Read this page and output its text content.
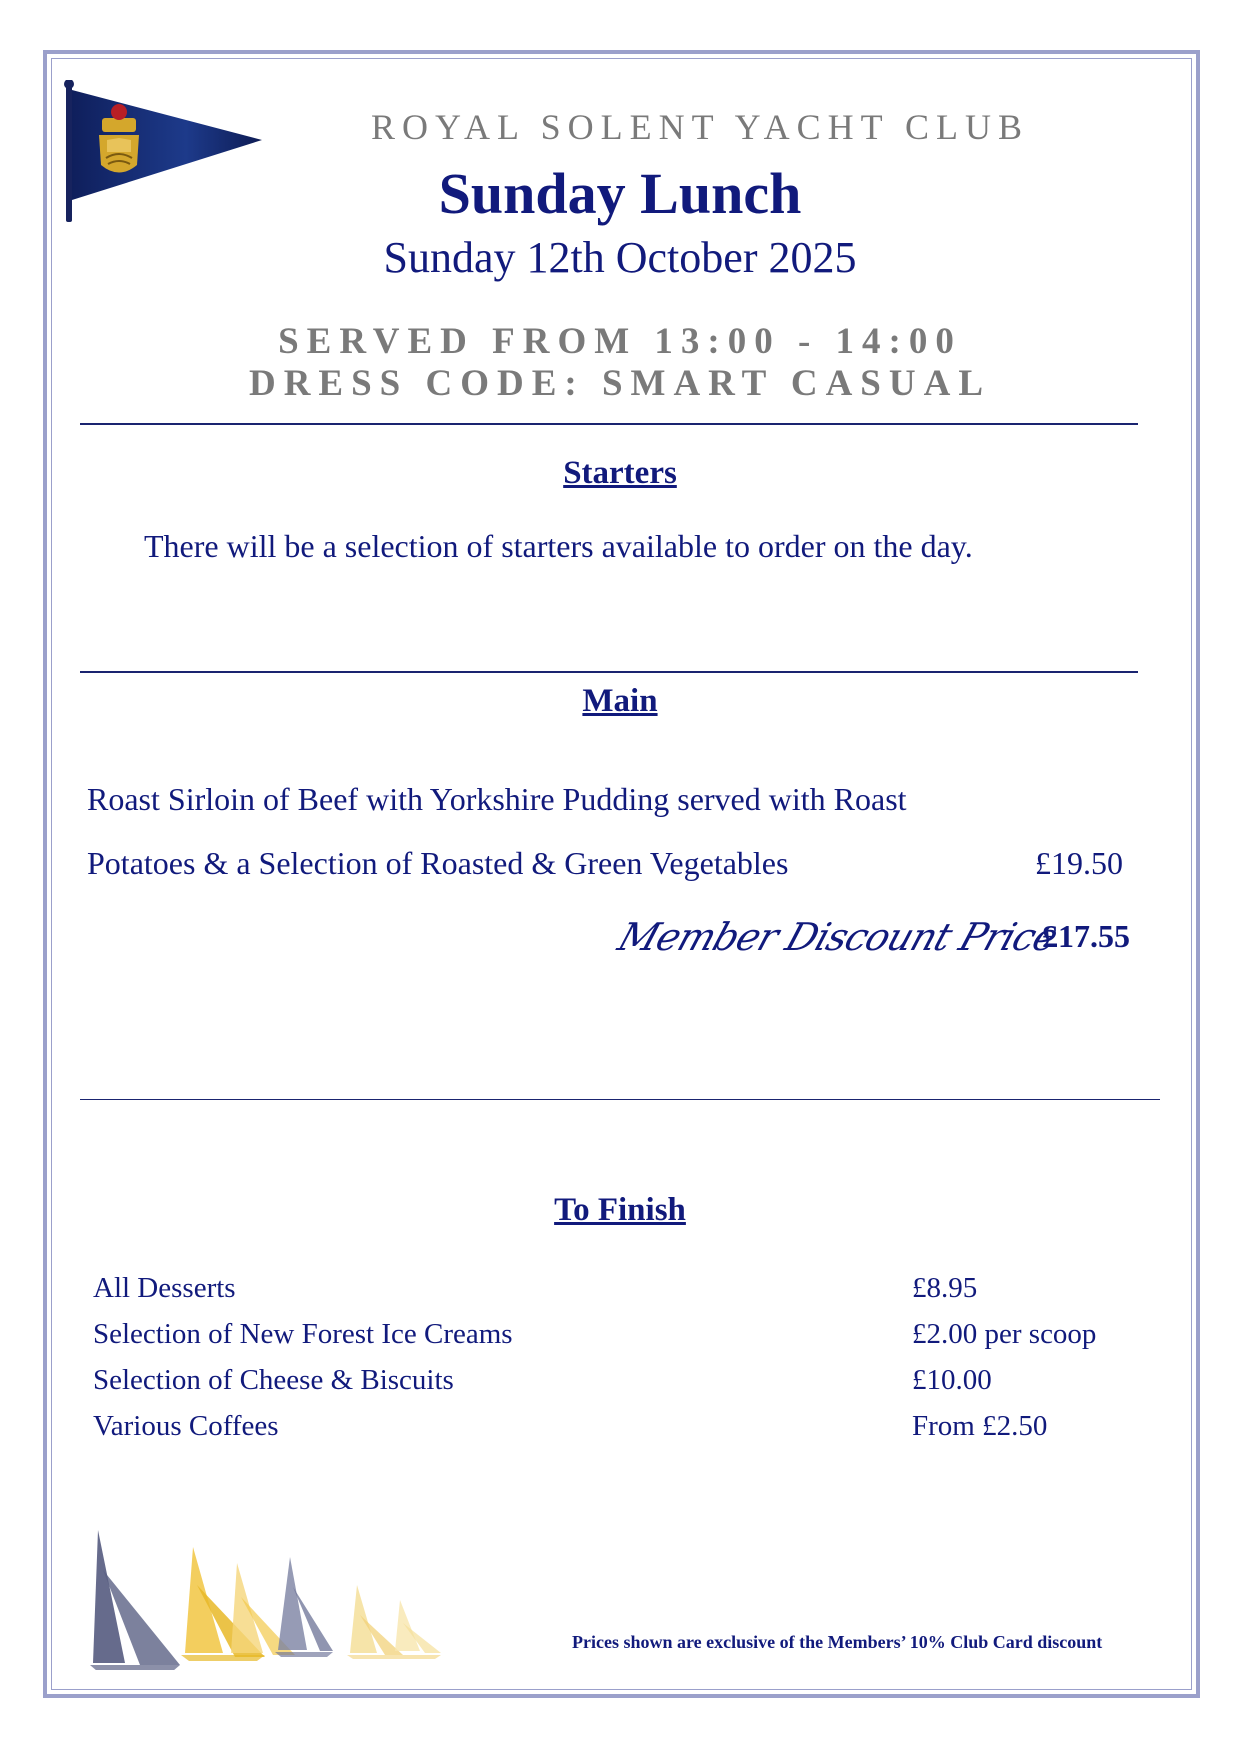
ROYAL SOLENT YACHT CLUB
Sunday Lunch
Sunday 12th October 2025
SERVED FROM 13:00 - 14:00
DRESS CODE: SMART CASUAL
Starters
There will be a selection of starters available to order on the day.
Main
Roast Sirloin of Beef with Yorkshire Pudding served with Roast
Potatoes & a Selection of Roasted & Green Vegetables	£19.50
Member Discount Price
£17.55
To Finish
All Desserts	£8.95
Selection of New Forest Ice Creams	£2.00 per scoop
Selection of Cheese & Biscuits	£10.00
Various Coffees	From £2.50
Prices shown are exclusive of the Members’ 10% Club Card discount
